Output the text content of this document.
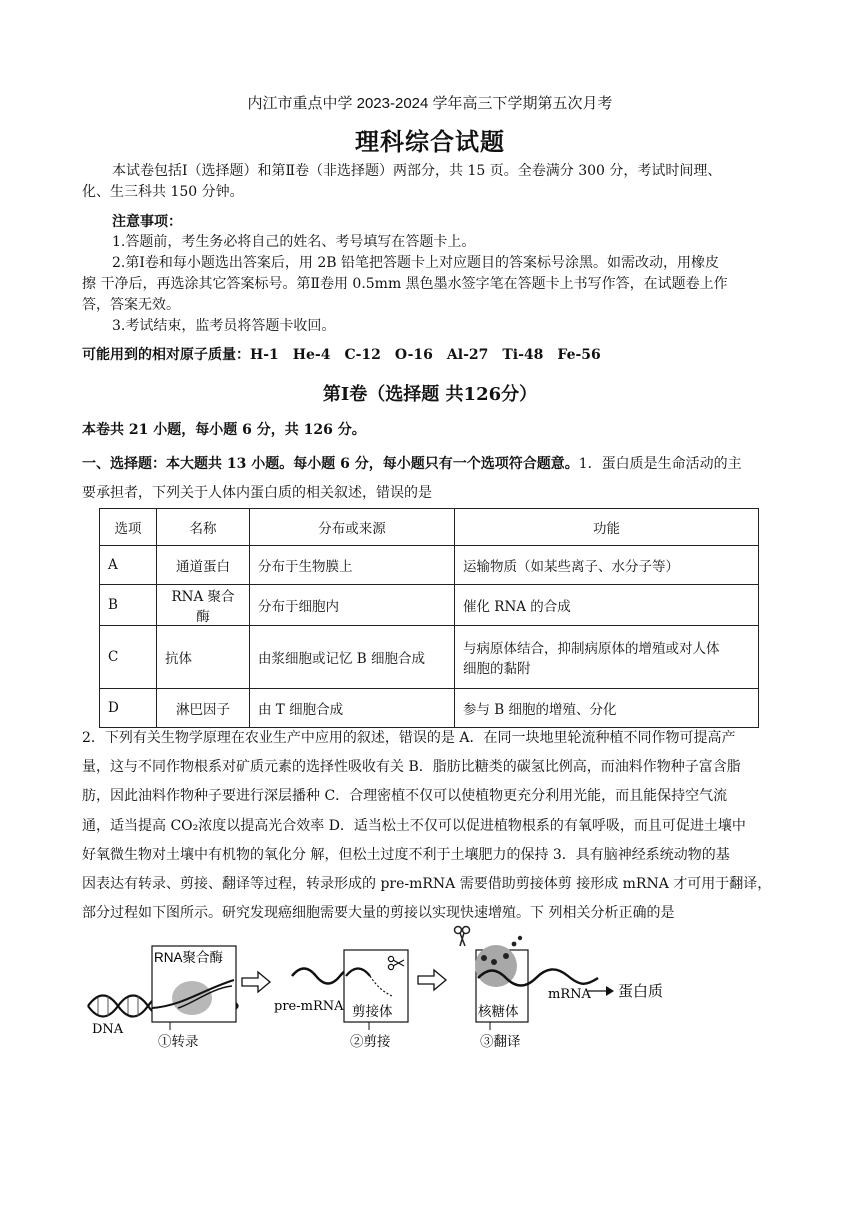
内江市重点中学 2023-2024 学年高三下学期第五次月考
理科综合试题
本试卷包括Ⅰ（选择题）和第Ⅱ卷（非选择题）两部分，共 15 页。全卷满分 300 分，考试时间理、
化、生三科共 150 分钟。
注意事项：
1.答题前，考生务必将自己的姓名、考号填写在答题卡上。
2.第Ⅰ卷和每小题选出答案后，用 2B 铅笔把答题卡上对应题目的答案标号涂黑。如需改动，用橡皮
擦 干净后，再选涂其它答案标号。第Ⅱ卷用 0.5mm 黑色墨水签字笔在答题卡上书写作答，在试题卷上作
答，答案无效。
3.考试结束，监考员将答题卡收回。
可能用到的相对原子质量：H-1　He-4　C-12　O-16　Al-27　Ti-48　Fe-56
第Ⅰ卷（选择题 共126分）
本卷共 21 小题，每小题 6 分，共 126 分。
一、选择题：本大题共 13 小题。每小题 6 分，每小题只有一个选项符合题意。1．蛋白质是生命活动的主
要承担者，下列关于人体内蛋白质的相关叙述，错误的是
选项	名称	分布或来源	功能
A	通道蛋白	分布于生物膜上	运输物质（如某些离子、水分子等）
B	RNA 聚合酶	分布于细胞内	催化 RNA 的合成
C	抗体	由浆细胞或记忆 B 细胞合成	与病原体结合，抑制病原体的增殖或对人体
细胞的黏附
D	淋巴因子	由 T 细胞合成	参与 B 细胞的增殖、分化
2．下列有关生物学原理在农业生产中应用的叙述，错误的是 A．在同一块地里轮流种植不同作物可提高产
量，这与不同作物根系对矿质元素的选择性吸收有关 B．脂肪比糖类的碳氢比例高，而油料作物种子富含脂
肪，因此油料作物种子要进行深层播种 C．合理密植不仅可以使植物更充分利用光能，而且能保持空气流
通，适当提高 CO₂浓度以提高光合效率 D．适当松土不仅可以促进植物根系的有氧呼吸，而且可促进土壤中
好氧微生物对土壤中有机物的氧化分 解，但松土过度不利于土壤肥力的保持 3．具有脑神经系统动物的基
因表达有转录、剪接、翻译等过程，转录形成的 pre-mRNA 需要借助剪接体剪 接形成 mRNA 才可用于翻译，
部分过程如下图所示。研究发现癌细胞需要大量的剪接以实现快速增殖。下 列相关分析正确的是
DNA
RNA聚合酶
①转录
pre-mRNA 剪接体
②剪接
核糖体
③翻译
mRNA 蛋白质
